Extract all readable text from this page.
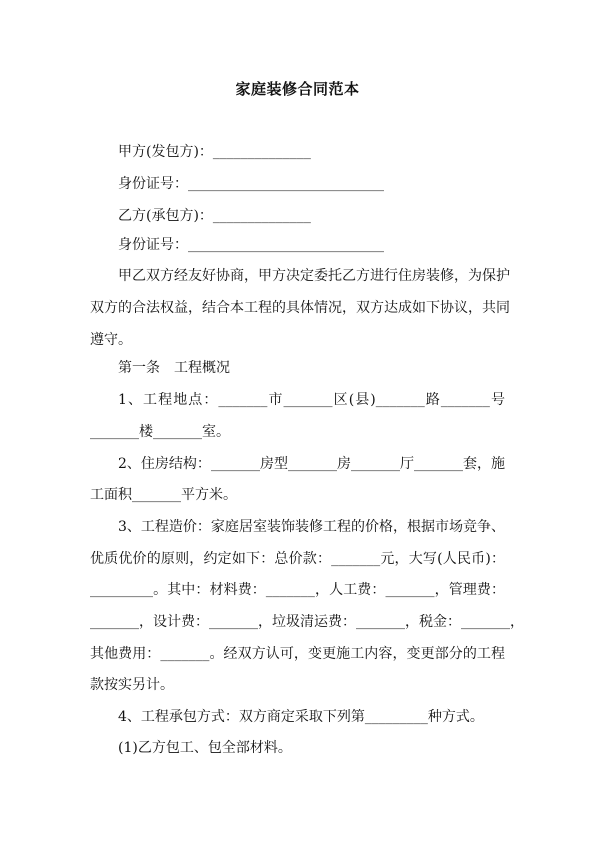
家庭装修合同范本
甲方(发包方)：______________
身份证号：____________________________
乙方(承包方)：______________
身份证号：____________________________
甲乙双方经友好协商，甲方决定委托乙方进行住房装修，为保护
双方的合法权益，结合本工程的具体情况，双方达成如下协议，共同
遵守。
第一条　工程概况
1、工程地点：_______市_______区(县)_______路_______号
_______楼_______室。
2、住房结构：_______房型_______房_______厅_______套，施
工面积_______平方米。
3、工程造价：家庭居室装饰装修工程的价格，根据市场竞争、
优质优价的原则，约定如下：总价款：_______元，大写(人民币)：
_________。其中：材料费：_______，人工费：_______，管理费：
_______，设计费：_______，垃圾清运费：_______，税金：_______，
其他费用：_______。经双方认可，变更施工内容，变更部分的工程
款按实另计。
4、工程承包方式：双方商定采取下列第_________种方式。
(1)乙方包工、包全部材料。
